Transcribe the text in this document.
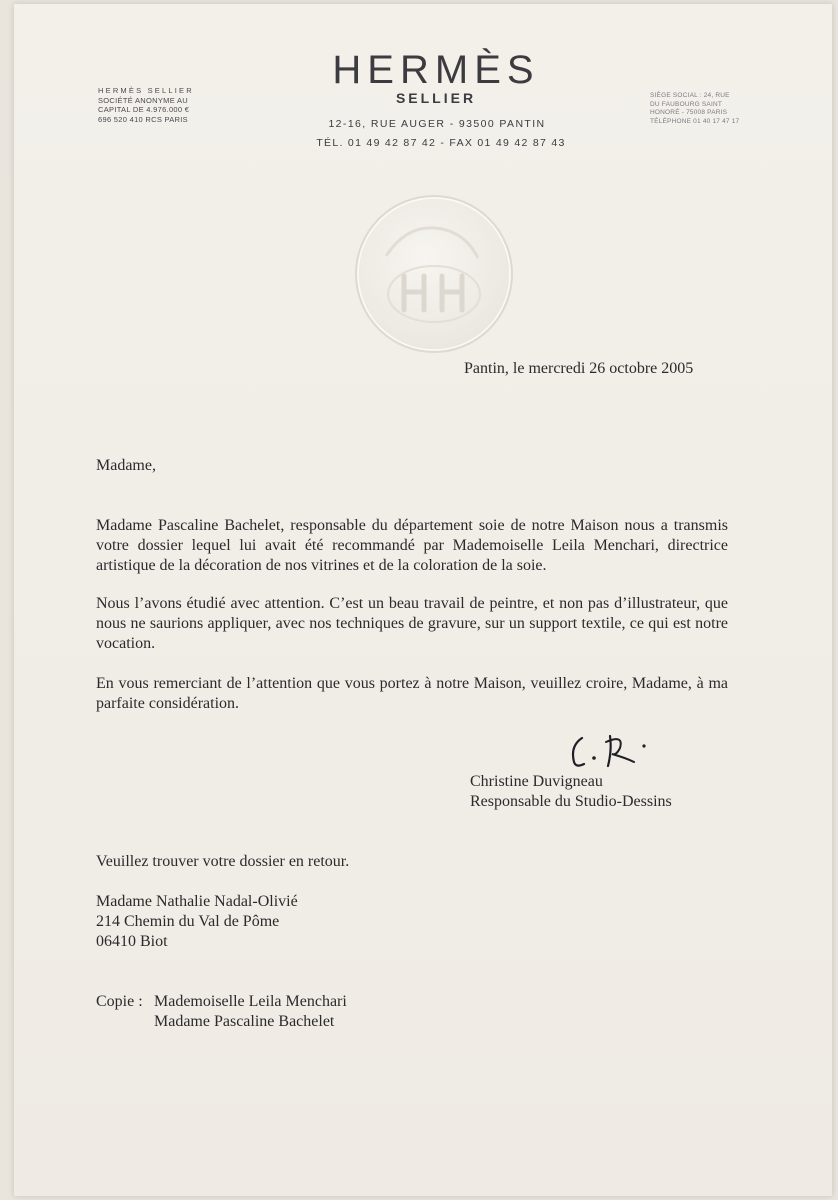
HERMÈS SELLIER
SOCIÉTÉ ANONYME AU
CAPITAL DE 4.976.000 €
696 520 410 RCS PARIS
HERMÈS
SELLIER
12-16, RUE AUGER - 93500 PANTIN
TÉL. 01 49 42 87 42 - FAX 01 49 42 87 43
SIÈGE SOCIAL : 24, RUE
DU FAUBOURG SAINT
HONORÉ - 75008 PARIS
TÉLÉPHONE 01 40 17 47 17
Pantin, le mercredi 26 octobre 2005
Madame,

Madame Pascaline Bachelet, responsable du département soie de notre Maison nous a transmis votre dossier lequel lui avait été recommandé par Mademoiselle Leila Menchari, directrice artistique de la décoration de nos vitrines et de la coloration de la soie.

Nous l’avons étudié avec attention. C’est un beau travail de peintre, et non pas d’illustrateur, que nous ne saurions appliquer, avec nos techniques de gravure, sur un support textile, ce qui est notre vocation.

En vous remerciant de l’attention que vous portez à notre Maison, veuillez croire, Madame, à ma parfaite considération.

Christine Duvigneau
Responsable du Studio-Dessins
Veuillez trouver votre dossier en retour.
Madame Nathalie Nadal-Olivié
214 Chemin du Val de Pôme
06410 Biot
Copie : Mademoiselle Leila Menchari
Madame Pascaline Bachelet
